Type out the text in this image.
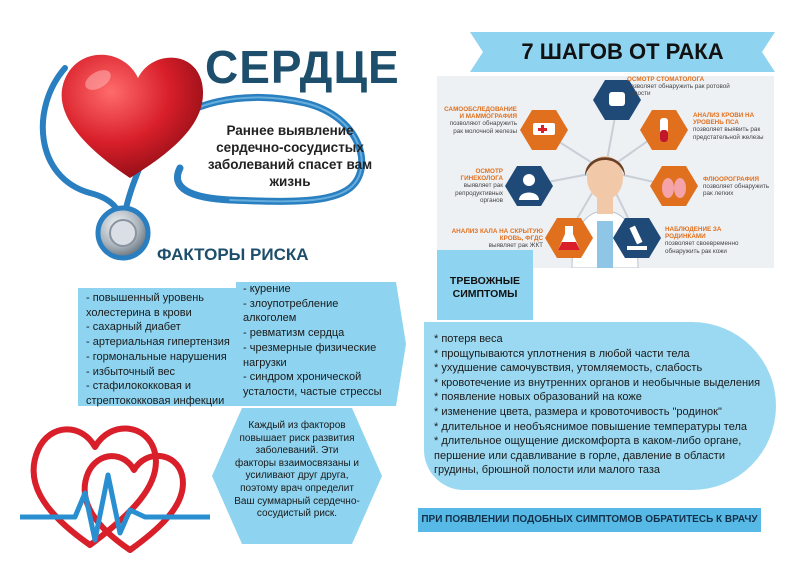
СЕРДЦЕ
Раннее выявление сердечно-сосудистых заболеваний спасет вам жизнь
ФАКТОРЫ РИСКА
- повышенный уровень холестерина в крови
- сахарный диабет
- артериальная гипертензия
- гормональные нарушения
- избыточный вес
- стафилококковая и стрептококковая инфекции
- курение
- злоупотребление алкоголем
- ревматизм сердца
- чрезмерные физические нагрузки
- синдром хронической усталости, частые стрессы
Каждый из факторов повышает риск развития заболеваний. Эти факторы взаимосвязаны и усиливают друг друга, поэтому врач определит Ваш суммарный сердечно-сосудистый риск.
7 ШАГОВ ОТ РАКА
ОСМОТР СТОМАТОЛОГА
позволяет обнаружить рак ротовой полости
АНАЛИЗ КРОВИ НА УРОВЕНЬ ПСА
позволяет выявить рак предстательной железы
ФЛЮОРОГРАФИЯ
позволяет обнаружить рак легких
НАБЛЮДЕНИЕ ЗА РОДИНКАМИ
позволяет своевременно обнаружить рак кожи
АНАЛИЗ КАЛА НА СКРЫТУЮ КРОВЬ, ФГДС
выявляет рак ЖКТ
ОСМОТР ГИНЕКОЛОГА
выявляет рак репродуктивных органов
САМООБСЛЕДОВАНИЕ И МАММОГРАФИЯ
позволяют обнаружить рак молочной железы
ТРЕВОЖНЫЕ СИМПТОМЫ
* потеря веса
* прощупываются уплотнения в любой части тела
* ухудшение самочувствия, утомляемость, слабость
* кровотечение из внутренних органов и необычные выделения
* появление новых образований на коже
* изменение цвета, размера и кровоточивость "родинок"
* длительное и необъяснимое повышение температуры тела
* длительное ощущение дискомфорта в каком-либо органе, першение или сдавливание в горле, давление в области грудины, брюшной полости или малого таза
ПРИ ПОЯВЛЕНИИ ПОДОБНЫХ СИМПТОМОВ ОБРАТИТЕСЬ К ВРАЧУ
